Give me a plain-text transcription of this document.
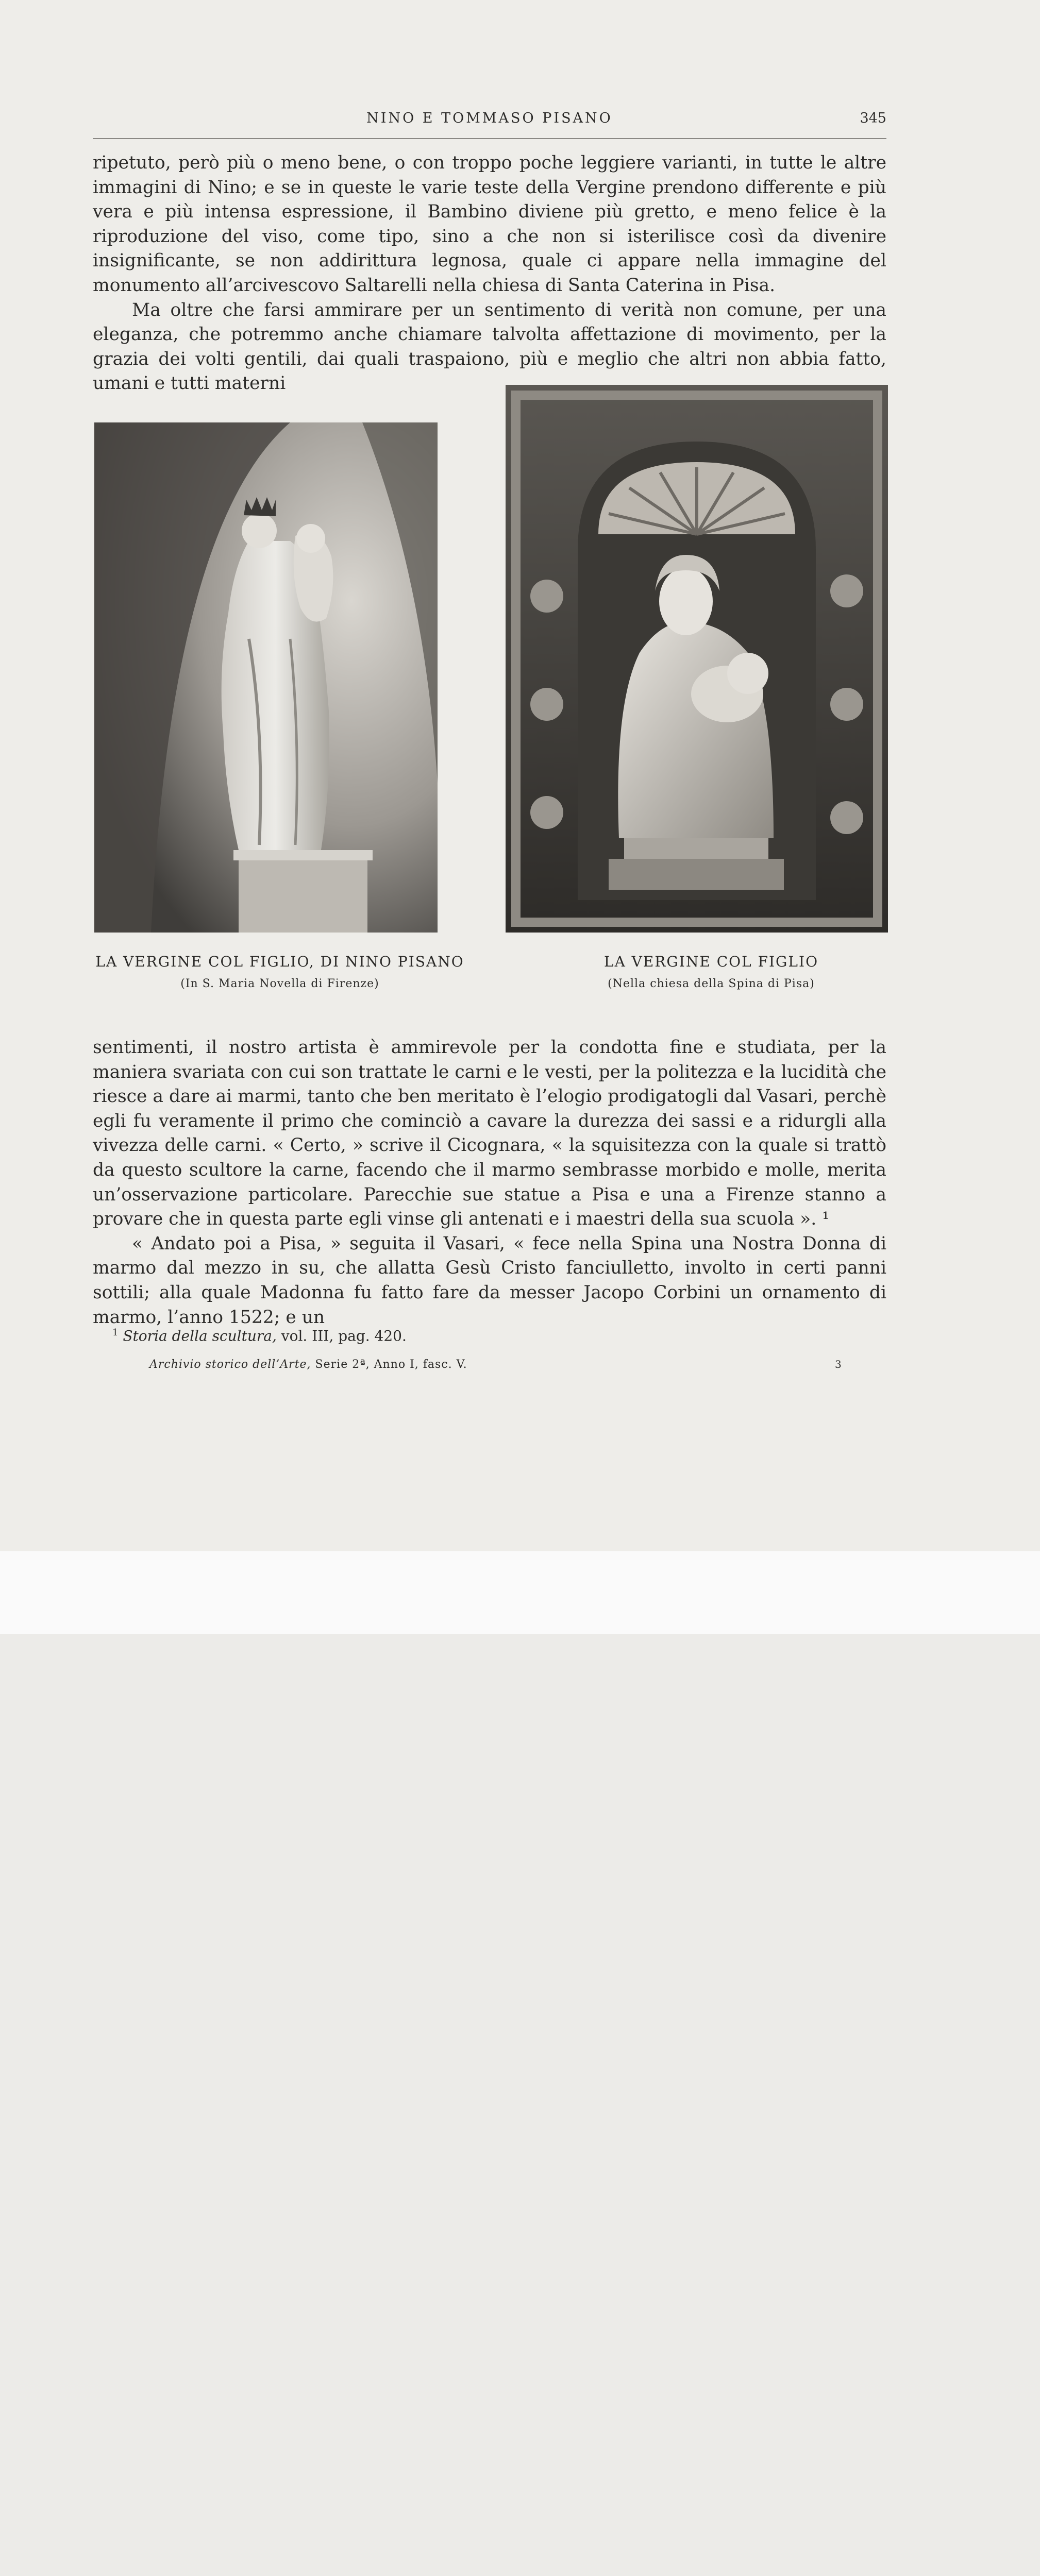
NINO E TOMMASO PISANO	345

ripetuto, però più o meno bene, o con troppo poche leggiere varianti, in tutte le altre immagini di Nino; e se in queste le varie teste della Vergine prendono differente e più vera e più intensa espressione, il Bambino diviene più gretto, e meno felice è la riproduzione del viso, come tipo, sino a che non si isterilisce così da divenire insignificante, se non addirittura legnosa, quale ci appare nella immagine del monumento all’arcivescovo Saltarelli nella chiesa di Santa Caterina in Pisa.

Ma oltre che farsi ammirare per un sentimento di verità non comune, per una eleganza, che potremmo anche chiamare talvolta affettazione di movimento, per la grazia dei volti gentili, dai quali traspaiono, più e meglio che altri non abbia fatto, umani e tutti materni

LA VERGINE COL FIGLIO, DI NINO PISANO
(In S. Maria Novella di Firenze)
LA VERGINE COL FIGLIO
(Nella chiesa della Spina di Pisa)

sentimenti, il nostro artista è ammirevole per la condotta fine e studiata, per la maniera svariata con cui son trattate le carni e le vesti, per la politezza e la lucidità che riesce a dare ai marmi, tanto che ben meritato è l’elogio prodigatogli dal Vasari, perchè egli fu veramente il primo che cominciò a cavare la durezza dei sassi e a ridurgli alla vivezza delle carni. « Certo, » scrive il Cicognara, « la squisitezza con la quale si trattò da questo scultore la carne, facendo che il marmo sembrasse morbido e molle, merita un’osservazione particolare. Parecchie sue statue a Pisa e una a Firenze stanno a provare che in questa parte egli vinse gli antenati e i maestri della sua scuola ». ¹

« Andato poi a Pisa, » seguita il Vasari, « fece nella Spina una Nostra Donna di marmo dal mezzo in su, che allatta Gesù Cristo fanciulletto, involto in certi panni sottili; alla quale Madonna fu fatto fare da messer Jacopo Corbini un ornamento di marmo, l’anno 1522; e un

$^1$ Storia della scultura, vol. III, pag. 420.
Archivio storico dell’Arte, Serie 2ª, Anno I, fasc. V.	3
